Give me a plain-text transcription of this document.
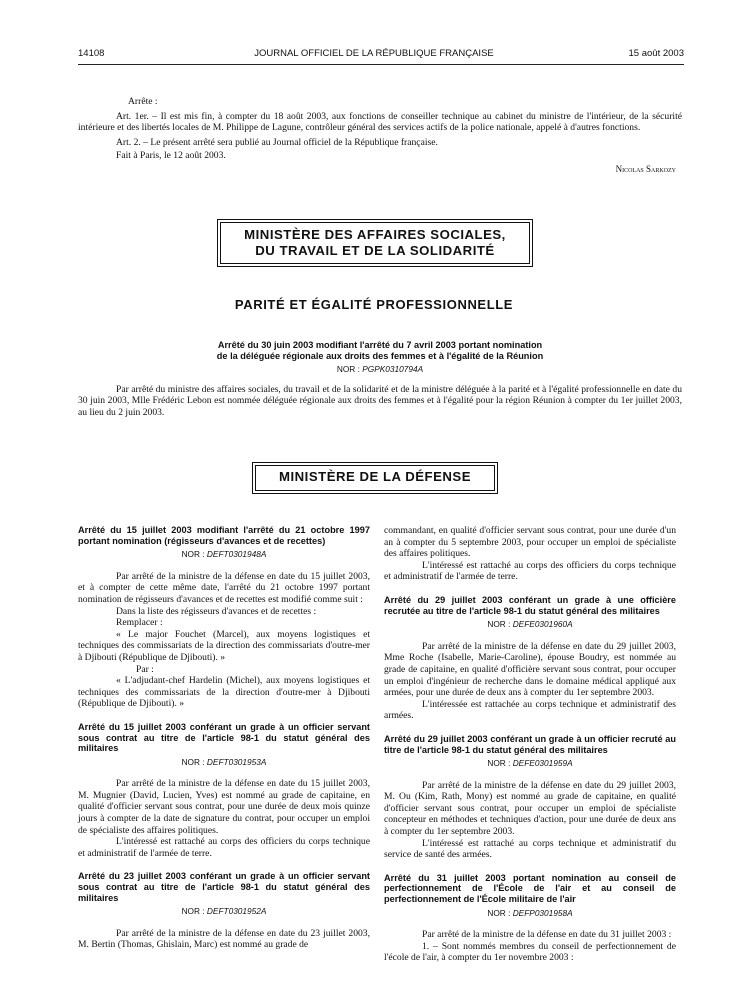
14108	JOURNAL OFFICIEL DE LA RÉPUBLIQUE FRANÇAISE	15 août 2003

Arrête :

Art. 1er. – Il est mis fin, à compter du 18 août 2003, aux fonctions de conseiller technique au cabinet du ministre de l'intérieur, de la sécurité intérieure et des libertés locales de M. Philippe de Lagune, contrôleur général des services actifs de la police nationale, appelé à d'autres fonctions.

Art. 2. – Le présent arrêté sera publié au Journal officiel de la République française.

Fait à Paris, le 12 août 2003.

Nicolas Sarkozy

MINISTÈRE DES AFFAIRES SOCIALES,
DU TRAVAIL ET DE LA SOLIDARITÉ
PARITÉ ET ÉGALITÉ PROFESSIONNELLE
Arrêté du 30 juin 2003 modifiant l'arrêté du 7 avril 2003 portant nomination
de la déléguée régionale aux droits des femmes et à l'égalité de la Réunion
NOR : PGPK0310794A

Par arrêté du ministre des affaires sociales, du travail et de la solidarité et de la ministre déléguée à la parité et à l'égalité professionnelle en date du 30 juin 2003, Mlle Frédéric Lebon est nommée déléguée régionale aux droits des femmes et à l'égalité pour la région Réunion à compter du 1er juillet 2003, au lieu du 2 juin 2003.

MINISTÈRE DE LA DÉFENSE
Arrêté du 15 juillet 2003 modifiant l'arrêté du 21 octobre 1997 portant nomination (régisseurs d'avances et de recettes)
NOR : DEFT0301948A

Par arrêté de la ministre de la défense en date du 15 juillet 2003, et à compter de cette même date, l'arrêté du 21 octobre 1997 portant nomination de régisseurs d'avances et de recettes est modifié comme suit :

Dans la liste des régisseurs d'avances et de recettes :

Remplacer :

« Le major Fouchet (Marcel), aux moyens logistiques et techniques des commissariats de la direction des commissariats d'outre-mer à Djibouti (République de Djibouti). »

Par :

« L'adjudant-chef Hardelin (Michel), aux moyens logistiques et techniques des commissariats de la direction d'outre-mer à Djibouti (République de Djibouti). »

Arrêté du 15 juillet 2003 conférant un grade à un officier servant sous contrat au titre de l'article 98-1 du statut général des militaires
NOR : DEFT0301953A

Par arrêté de la ministre de la défense en date du 15 juillet 2003, M. Mugnier (David, Lucien, Yves) est nommé au grade de capitaine, en qualité d'officier servant sous contrat, pour une durée de deux mois quinze jours à compter de la date de signature du contrat, pour occuper un emploi de spécialiste des affaires politiques.

L'intéressé est rattaché au corps des officiers du corps technique et administratif de l'armée de terre.

Arrêté du 23 juillet 2003 conférant un grade à un officier servant sous contrat au titre de l'article 98-1 du statut général des militaires
NOR : DEFT0301952A

Par arrêté de la ministre de la défense en date du 23 juillet 2003, M. Bertin (Thomas, Ghislain, Marc) est nommé au grade de

commandant, en qualité d'officier servant sous contrat, pour une durée d'un an à compter du 5 septembre 2003, pour occuper un emploi de spécialiste des affaires politiques.

L'intéressé est rattaché au corps des officiers du corps technique et administratif de l'armée de terre.

Arrêté du 29 juillet 2003 conférant un grade à une officière recrutée au titre de l'article 98-1 du statut général des militaires
NOR : DEFE0301960A

Par arrêté de la ministre de la défense en date du 29 juillet 2003, Mme Roche (Isabelle, Marie-Caroline), épouse Boudry, est nommée au grade de capitaine, en qualité d'officière servant sous contrat, pour occuper un emploi d'ingénieur de recherche dans le domaine médical appliqué aux armées, pour une durée de deux ans à compter du 1er septembre 2003.

L'intéressée est rattachée au corps technique et administratif des armées.

Arrêté du 29 juillet 2003 conférant un grade à un officier recruté au titre de l'article 98-1 du statut général des militaires
NOR : DEFE0301959A

Par arrêté de la ministre de la défense en date du 29 juillet 2003, M. Ou (Kim, Rath, Mony) est nommé au grade de capitaine, en qualité d'officier servant sous contrat, pour occuper un emploi de spécialiste concepteur en méthodes et techniques d'action, pour une durée de deux ans à compter du 1er septembre 2003.

L'intéressé est rattaché au corps technique et administratif du service de santé des armées.

Arrêté du 31 juillet 2003 portant nomination au conseil de perfectionnement de l'École de l'air et au conseil de perfectionnement de l'École militaire de l'air
NOR : DEFP0301958A

Par arrêté de la ministre de la défense en date du 31 juillet 2003 :

1. – Sont nommés membres du conseil de perfectionnement de l'école de l'air, à compter du 1er novembre 2003 :
